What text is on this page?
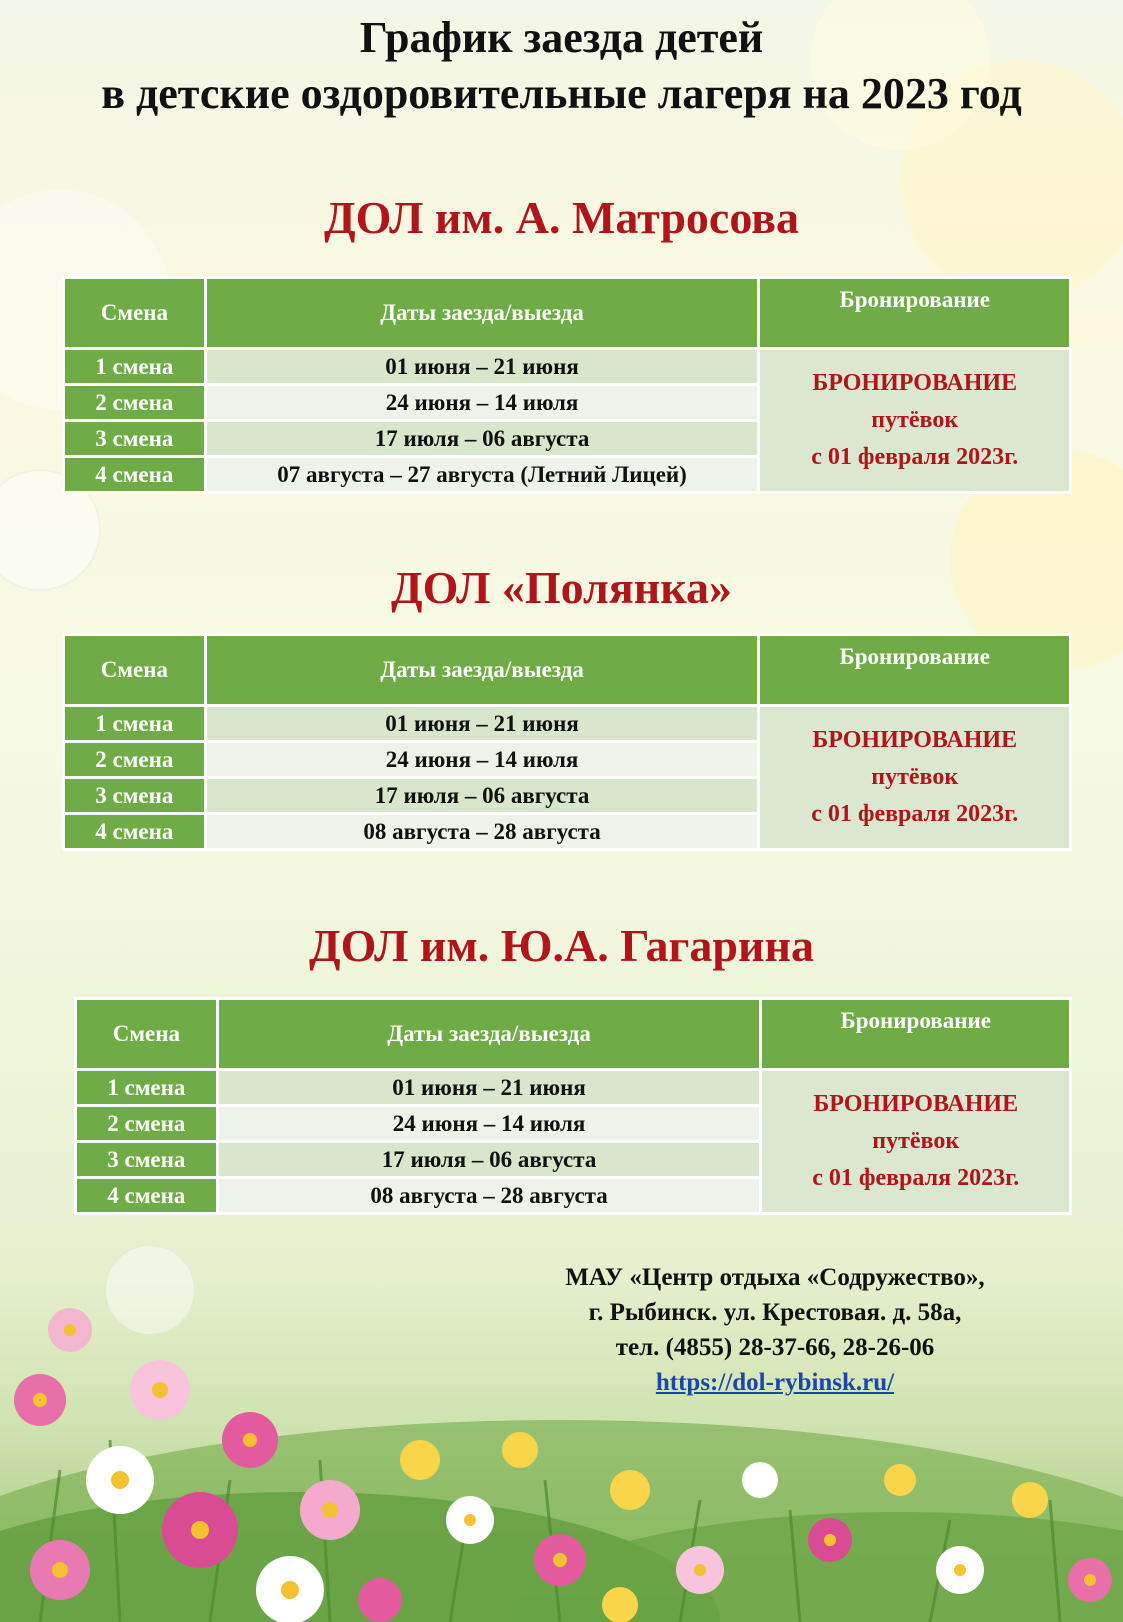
График заезда детей
в детские оздоровительные лагеря на 2023 год
ДОЛ им. А. Матросова
Смена	Даты заезда/выезда	Бронирование
1 смена	01 июня – 21 июня	БРОНИРОВАНИЕ
путёвок
с 01 февраля 2023г.

2 смена	24 июня – 14 июля	
3 смена	17 июля – 06 августа	
4 смена	07 августа – 27 августа (Летний Лицей)	
ДОЛ «Полянка»
Смена	Даты заезда/выезда	Бронирование
1 смена	01 июня – 21 июня	БРОНИРОВАНИЕ
путёвок
с 01 февраля 2023г.

2 смена	24 июня – 14 июля	
3 смена	17 июля – 06 августа	
4 смена	08 августа – 28 августа	
ДОЛ им. Ю.А. Гагарина
Смена	Даты заезда/выезда	Бронирование
1 смена	01 июня – 21 июня	БРОНИРОВАНИЕ
путёвок
с 01 февраля 2023г.

2 смена	24 июня – 14 июля	
3 смена	17 июля – 06 августа	
4 смена	08 августа – 28 августа	
МАУ «Центр отдыха «Содружество»,
г. Рыбинск. ул. Крестовая. д. 58а,
тел. (4855) 28-37-66, 28-26-06
https://dol-rybinsk.ru/
